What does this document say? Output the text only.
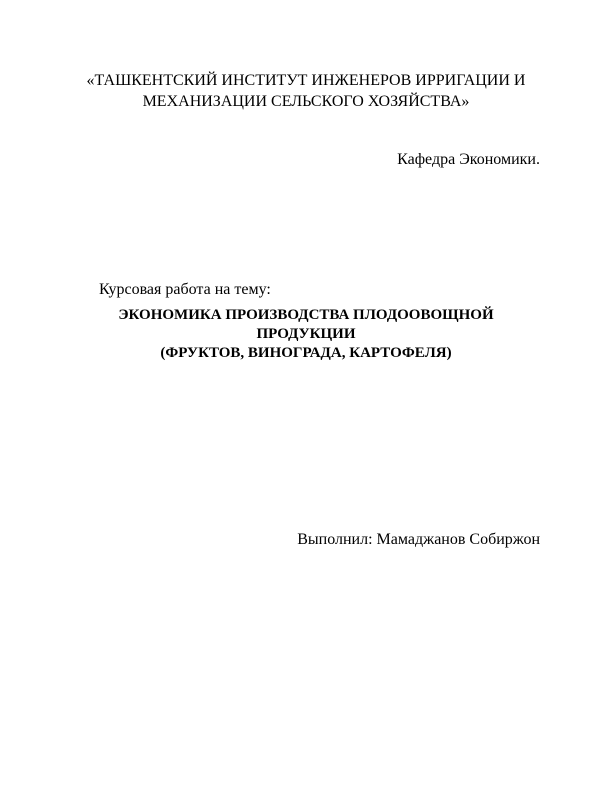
«ТАШКЕНТСКИЙ ИНСТИТУТ ИНЖЕНЕРОВ ИРРИГАЦИИ И
МЕХАНИЗАЦИИ СЕЛЬСКОГО ХОЗЯЙСТВА»
Кафедра Экономики.
Курсовая работа на тему:
ЭКОНОМИКА ПРОИЗВОДСТВА ПЛОДООВОЩНОЙ
ПРОДУКЦИИ
(ФРУКТОВ, ВИНОГРАДА, КАРТОФЕЛЯ)
Выполнил: Мамаджанов Собиржон
